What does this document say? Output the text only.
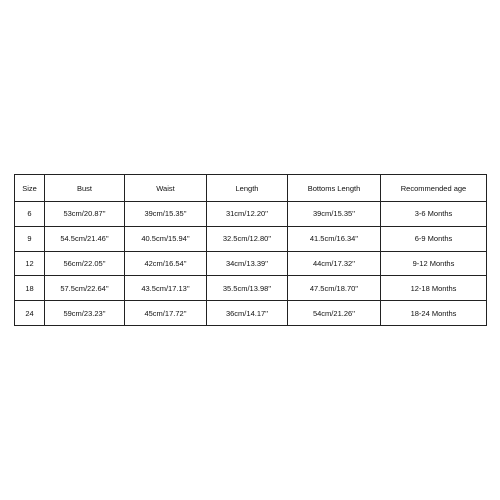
Size	Bust	Waist	Length	Bottoms Length	Recommended age
6	53cm/20.87''	39cm/15.35''	31cm/12.20''	39cm/15.35''	3-6 Months
9	54.5cm/21.46''	40.5cm/15.94''	32.5cm/12.80''	41.5cm/16.34''	6-9 Months
12	56cm/22.05''	42cm/16.54''	34cm/13.39''	44cm/17.32''	9-12 Months
18	57.5cm/22.64''	43.5cm/17.13''	35.5cm/13.98''	47.5cm/18.70''	12-18 Months
24	59cm/23.23''	45cm/17.72''	36cm/14.17''	54cm/21.26''	18-24 Months
